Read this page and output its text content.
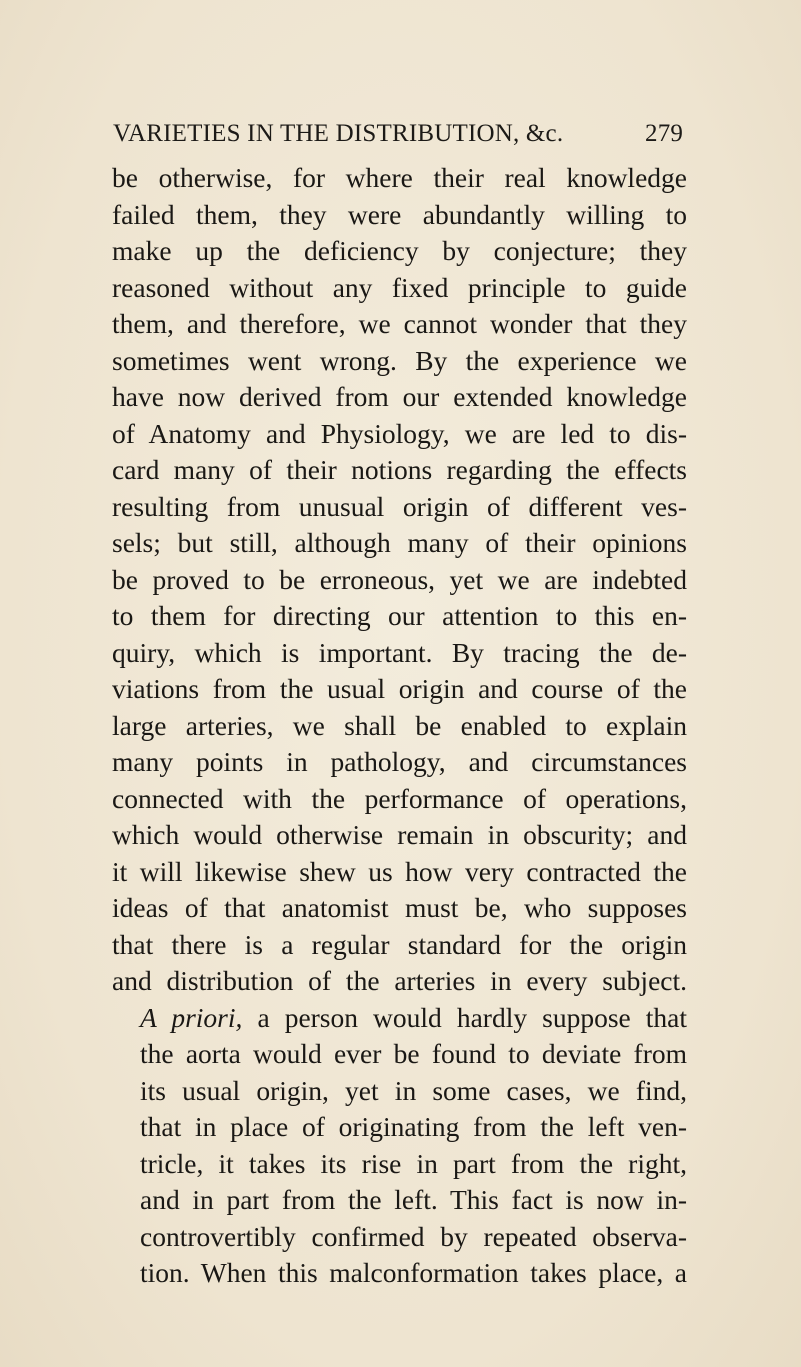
VARIETIES IN THE DISTRIBUTION, &c.	279
be otherwise, for where their real knowledge
failed them, they were abundantly willing to
make up the deficiency by conjecture; they
reasoned without any fixed principle to guide
them, and therefore, we cannot wonder that they
sometimes went wrong. By the experience we
have now derived from our extended knowledge
of Anatomy and Physiology, we are led to dis-
card many of their notions regarding the effects
resulting from unusual origin of different ves-
sels; but still, although many of their opinions
be proved to be erroneous, yet we are indebted
to them for directing our attention to this en-
quiry, which is important. By tracing the de-
viations from the usual origin and course of the
large arteries, we shall be enabled to explain
many points in pathology, and circumstances
connected with the performance of operations,
which would otherwise remain in obscurity; and
it will likewise shew us how very contracted the
ideas of that anatomist must be, who supposes
that there is a regular standard for the origin
and distribution of the arteries in every subject.
A priori, a person would hardly suppose that
the aorta would ever be found to deviate from
its usual origin, yet in some cases, we find,
that in place of originating from the left ven-
tricle, it takes its rise in part from the right,
and in part from the left. This fact is now in-
controvertibly confirmed by repeated observa-
tion. When this malconformation takes place, a
